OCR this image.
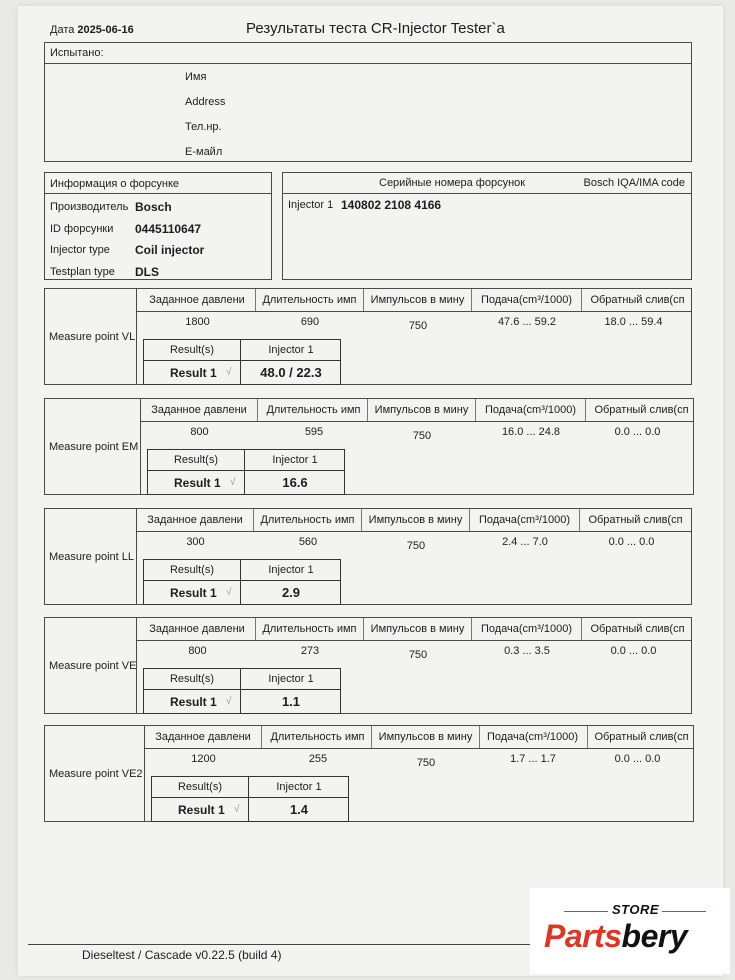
Дата 2025-06-16	Результаты теста CR-Injector Tester`a
Испытано:
Имя
Address
Тел.нр.
Е-майл
Информация о форсунке
Производитель Bosch
ID форсунки 0445110647
Injector type Coil injector
Testplan type DLS
Серийные номера форсунок	Bosch IQA/IMA code
Injector 1 140802 2108 4166
Measure point VL
Заданное давлени	Длительность имп	Импульсов в мину	Подача(cm³/1000)	Обратный слив(сп
1800	690	750	47.6 ... 59.2	18.0 ... 59.4
Result(s)	Injector 1
Result 1 √	48.0 / 22.3
Measure point EM
Заданное давлени	Длительность имп	Импульсов в мину	Подача(cm³/1000)	Обратный слив(сп
800	595	750	16.0 ... 24.8	0.0 ... 0.0
Result(s)	Injector 1
Result 1 √	16.6
Measure point LL
Заданное давлени	Длительность имп	Импульсов в мину	Подача(cm³/1000)	Обратный слив(сп
300	560	750	2.4 ... 7.0	0.0 ... 0.0
Result(s)	Injector 1
Result 1 √	2.9
Measure point VE
Заданное давлени	Длительность имп	Импульсов в мину	Подача(cm³/1000)	Обратный слив(сп
800	273	750	0.3 ... 3.5	0.0 ... 0.0
Result(s)	Injector 1
Result 1 √	1.1
Measure point VE2
Заданное давлени	Длительность имп	Импульсов в мину	Подача(cm³/1000)	Обратный слив(сп
1200	255	750	1.7 ... 1.7	0.0 ... 0.0
Result(s)	Injector 1
Result 1 √	1.4
Dieseltest / Cascade v0.22.5 (build 4)
STORE
Partsbery
